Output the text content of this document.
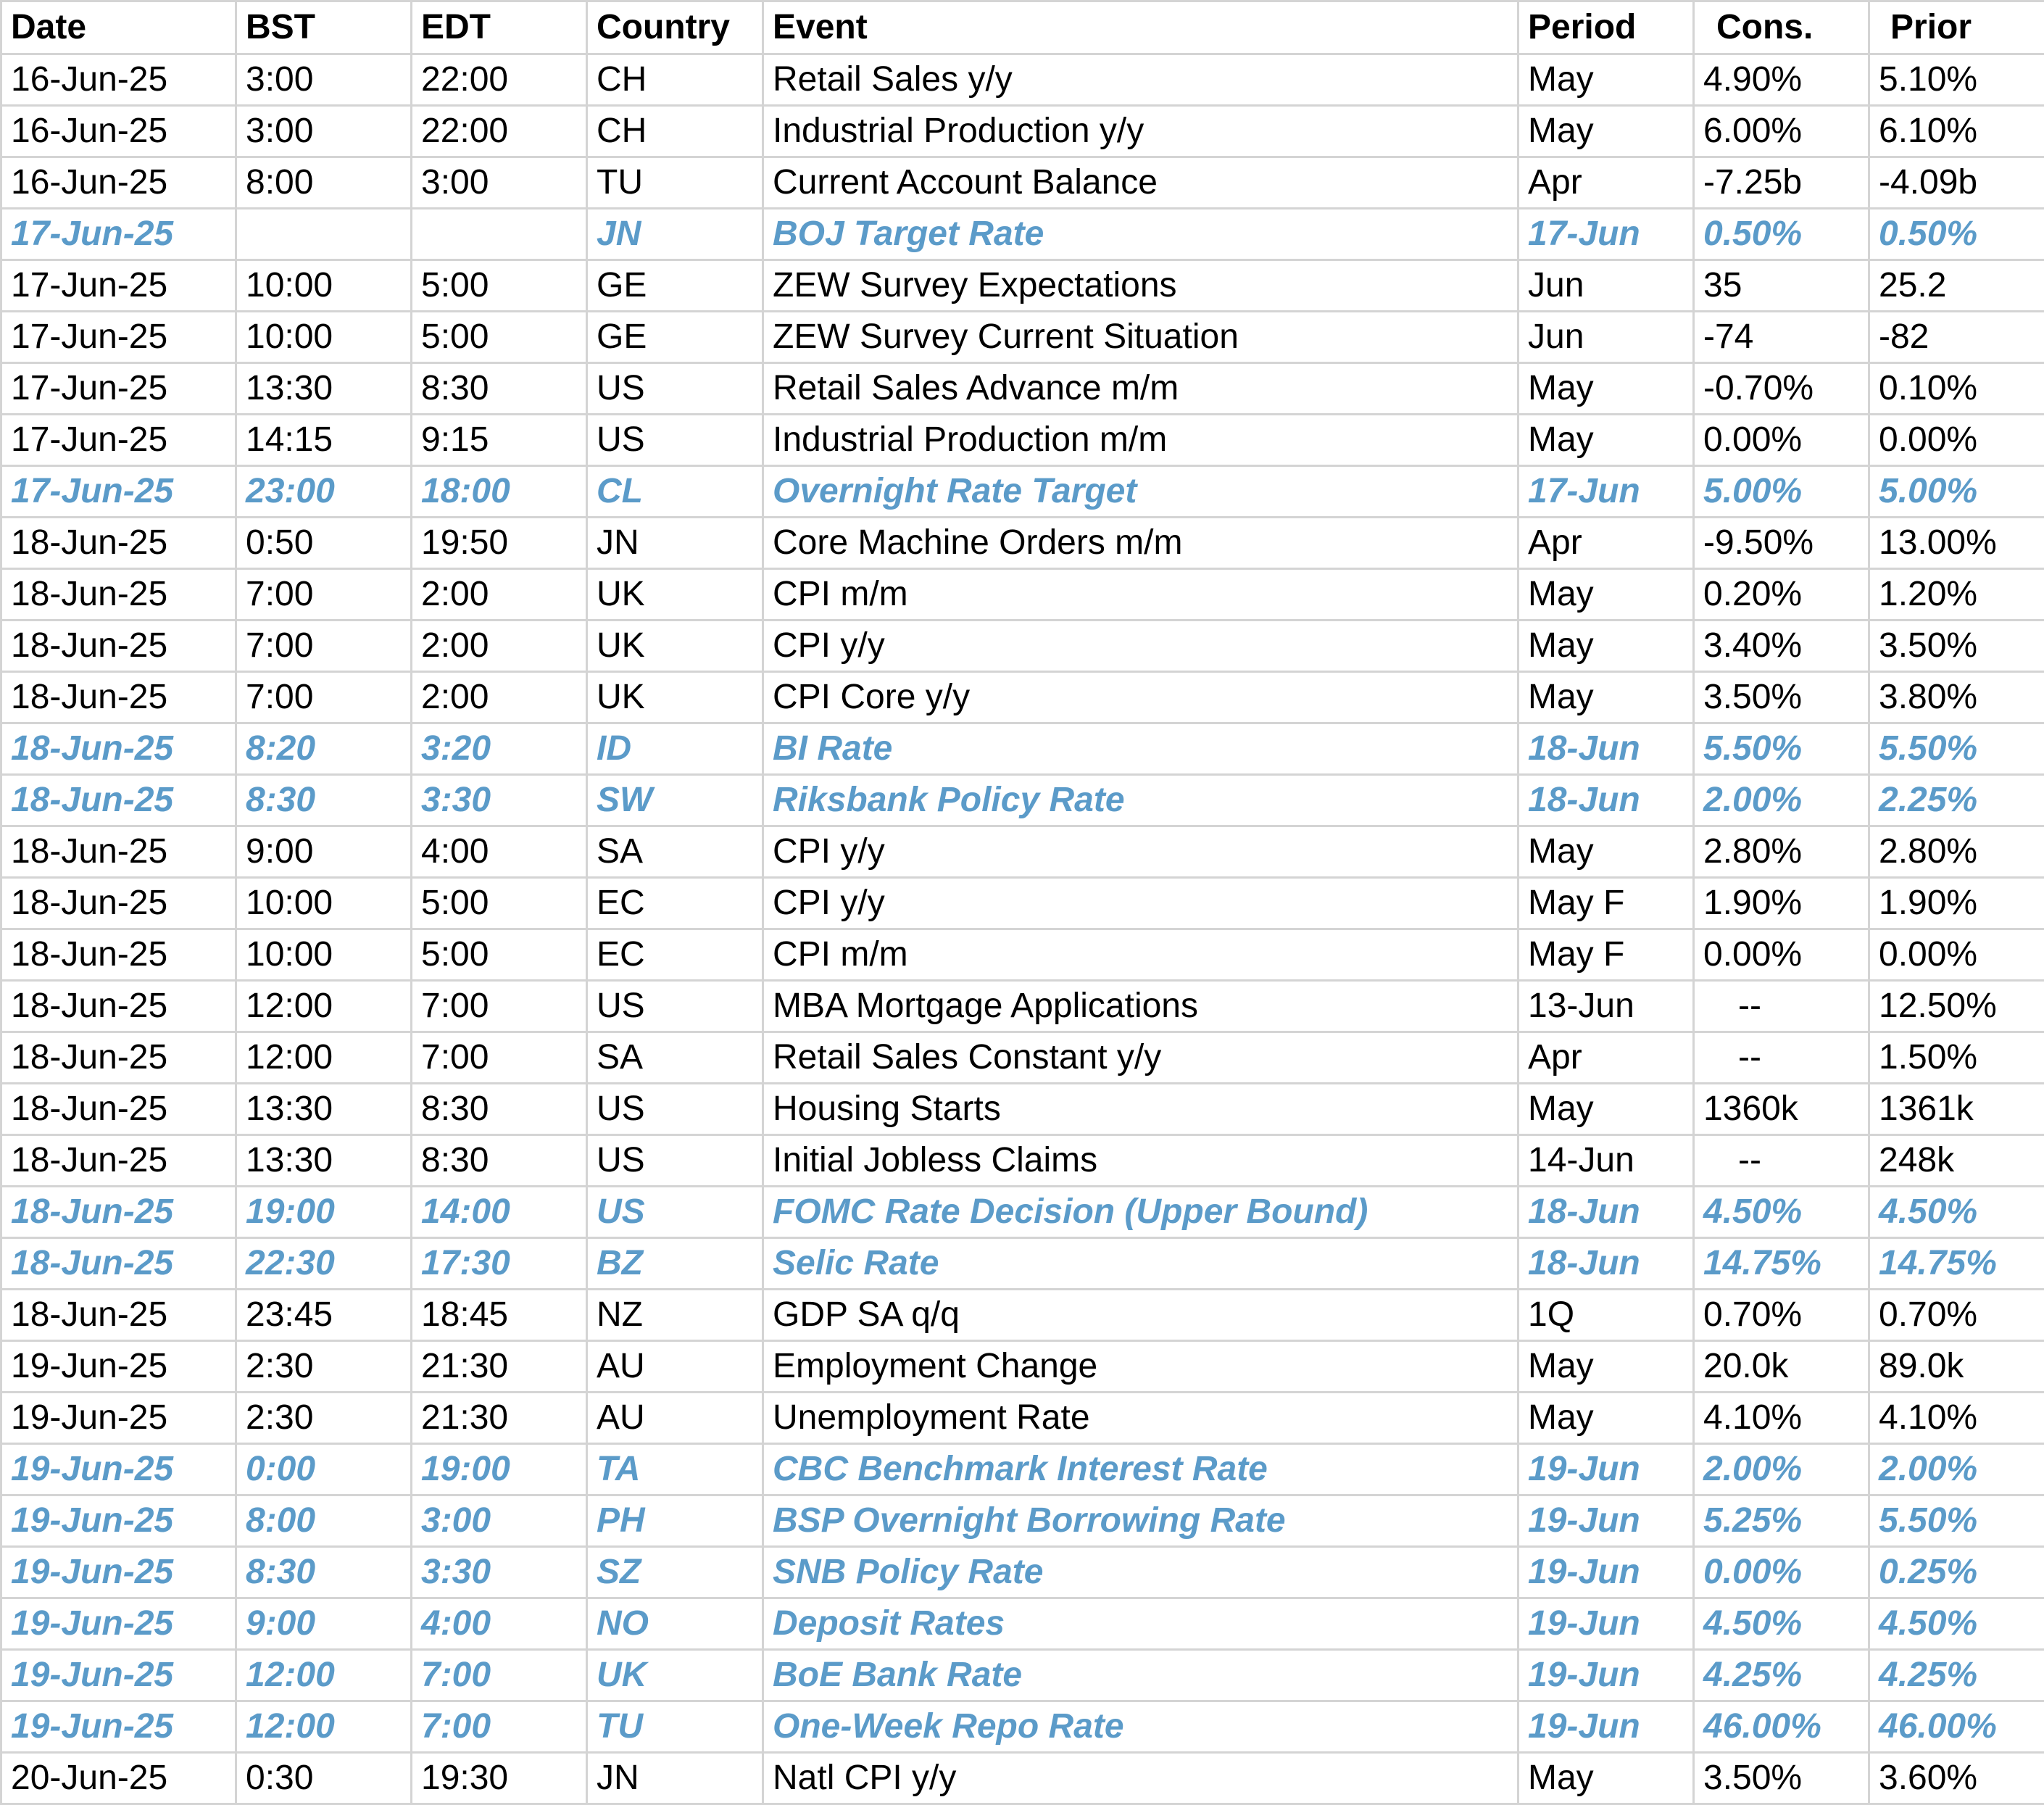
Date	BST	EDT	Country	Event	Period	Cons.	Prior
16-Jun-25	3:00	22:00	CH	Retail Sales y/y	May	4.90%	5.10%
16-Jun-25	3:00	22:00	CH	Industrial Production y/y	May	6.00%	6.10%
16-Jun-25	8:00	3:00	TU	Current Account Balance	Apr	-7.25b	-4.09b
17-Jun-25			JN	BOJ Target Rate	17-Jun	0.50%	0.50%
17-Jun-25	10:00	5:00	GE	ZEW Survey Expectations	Jun	35	25.2
17-Jun-25	10:00	5:00	GE	ZEW Survey Current Situation	Jun	-74	-82
17-Jun-25	13:30	8:30	US	Retail Sales Advance m/m	May	-0.70%	0.10%
17-Jun-25	14:15	9:15	US	Industrial Production m/m	May	0.00%	0.00%
17-Jun-25	23:00	18:00	CL	Overnight Rate Target	17-Jun	5.00%	5.00%
18-Jun-25	0:50	19:50	JN	Core Machine Orders m/m	Apr	-9.50%	13.00%
18-Jun-25	7:00	2:00	UK	CPI m/m	May	0.20%	1.20%
18-Jun-25	7:00	2:00	UK	CPI y/y	May	3.40%	3.50%
18-Jun-25	7:00	2:00	UK	CPI Core y/y	May	3.50%	3.80%
18-Jun-25	8:20	3:20	ID	BI Rate	18-Jun	5.50%	5.50%
18-Jun-25	8:30	3:30	SW	Riksbank Policy Rate	18-Jun	2.00%	2.25%
18-Jun-25	9:00	4:00	SA	CPI y/y	May	2.80%	2.80%
18-Jun-25	10:00	5:00	EC	CPI y/y	May F	1.90%	1.90%
18-Jun-25	10:00	5:00	EC	CPI m/m	May F	0.00%	0.00%
18-Jun-25	12:00	7:00	US	MBA Mortgage Applications	13-Jun	--	12.50%
18-Jun-25	12:00	7:00	SA	Retail Sales Constant y/y	Apr	--	1.50%
18-Jun-25	13:30	8:30	US	Housing Starts	May	1360k	1361k
18-Jun-25	13:30	8:30	US	Initial Jobless Claims	14-Jun	--	248k
18-Jun-25	19:00	14:00	US	FOMC Rate Decision (Upper Bound)	18-Jun	4.50%	4.50%
18-Jun-25	22:30	17:30	BZ	Selic Rate	18-Jun	14.75%	14.75%
18-Jun-25	23:45	18:45	NZ	GDP SA q/q	1Q	0.70%	0.70%
19-Jun-25	2:30	21:30	AU	Employment Change	May	20.0k	89.0k
19-Jun-25	2:30	21:30	AU	Unemployment Rate	May	4.10%	4.10%
19-Jun-25	0:00	19:00	TA	CBC Benchmark Interest Rate	19-Jun	2.00%	2.00%
19-Jun-25	8:00	3:00	PH	BSP Overnight Borrowing Rate	19-Jun	5.25%	5.50%
19-Jun-25	8:30	3:30	SZ	SNB Policy Rate	19-Jun	0.00%	0.25%
19-Jun-25	9:00	4:00	NO	Deposit Rates	19-Jun	4.50%	4.50%
19-Jun-25	12:00	7:00	UK	BoE Bank Rate	19-Jun	4.25%	4.25%
19-Jun-25	12:00	7:00	TU	One-Week Repo Rate	19-Jun	46.00%	46.00%
20-Jun-25	0:30	19:30	JN	Natl CPI y/y	May	3.50%	3.60%
